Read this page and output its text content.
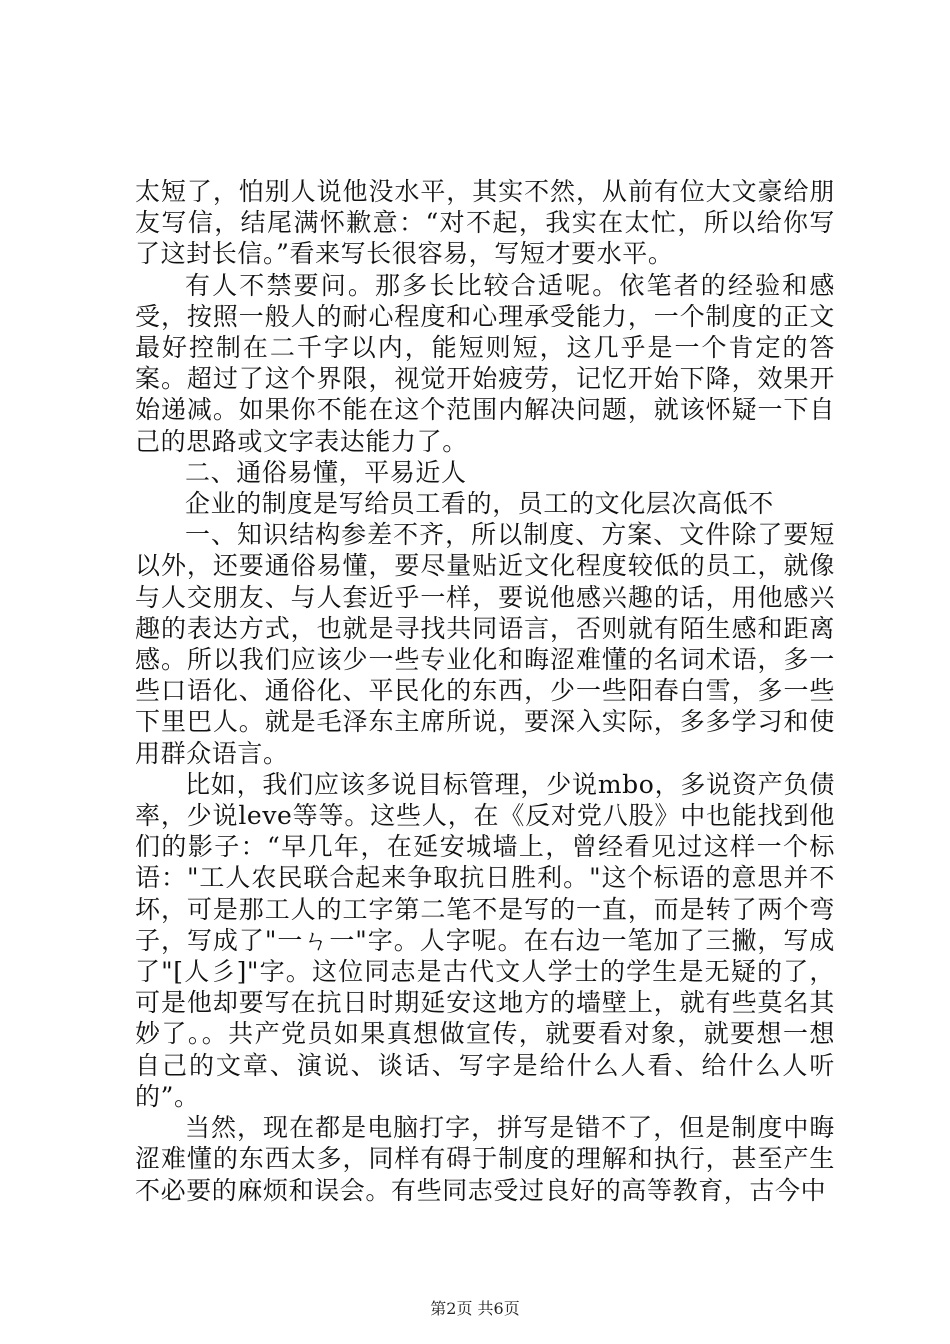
太短了，怕别人说他没水平，其实不然，从前有位大文豪给朋友写信，结尾满怀歉意：“对不起，我实在太忙，所以给你写了这封长信。”看来写长很容易，写短才要水平。

有人不禁要问。那多长比较合适呢。依笔者的经验和感受，按照一般人的耐心程度和心理承受能力，一个制度的正文最好控制在二千字以内，能短则短，这几乎是一个肯定的答案。超过了这个界限，视觉开始疲劳，记忆开始下降，效果开始递减。如果你不能在这个范围内解决问题，就该怀疑一下自己的思路或文字表达能力了。

二、通俗易懂，平易近人

企业的制度是写给员工看的，员工的文化层次高低不

一、知识结构参差不齐，所以制度、方案、文件除了要短以外，还要通俗易懂，要尽量贴近文化程度较低的员工，就像与人交朋友、与人套近乎一样，要说他感兴趣的话，用他感兴趣的表达方式，也就是寻找共同语言，否则就有陌生感和距离感。所以我们应该少一些专业化和晦涩难懂的名词术语，多一些口语化、通俗化、平民化的东西，少一些阳春白雪，多一些下里巴人。就是毛泽东主席所说，要深入实际，多多学习和使用群众语言。

比如，我们应该多说目标管理，少说mbo，多说资产负债率，少说leve等等。这些人，在《反对党八股》中也能找到他们的影子：“早几年，在延安城墙上，曾经看见过这样一个标语："工人农民联合起来争取抗日胜利。"这个标语的意思并不坏，可是那工人的工字第二笔不是写的一直，而是转了两个弯子，写成了"一ㄣ一"字。人字呢。在右边一笔加了三撇，写成了"[人彡]"字。这位同志是古代文人学士的学生是无疑的了，可是他却要写在抗日时期延安这地方的墙壁上，就有些莫名其妙了。。共产党员如果真想做宣传，就要看对象，就要想一想自己的文章、演说、谈话、写字是给什么人看、给什么人听的”。

当然，现在都是电脑打字，拼写是错不了，但是制度中晦涩难懂的东西太多，同样有碍于制度的理解和执行，甚至产生不必要的麻烦和误会。有些同志受过良好的高等教育，古今中

第2页 共6页
